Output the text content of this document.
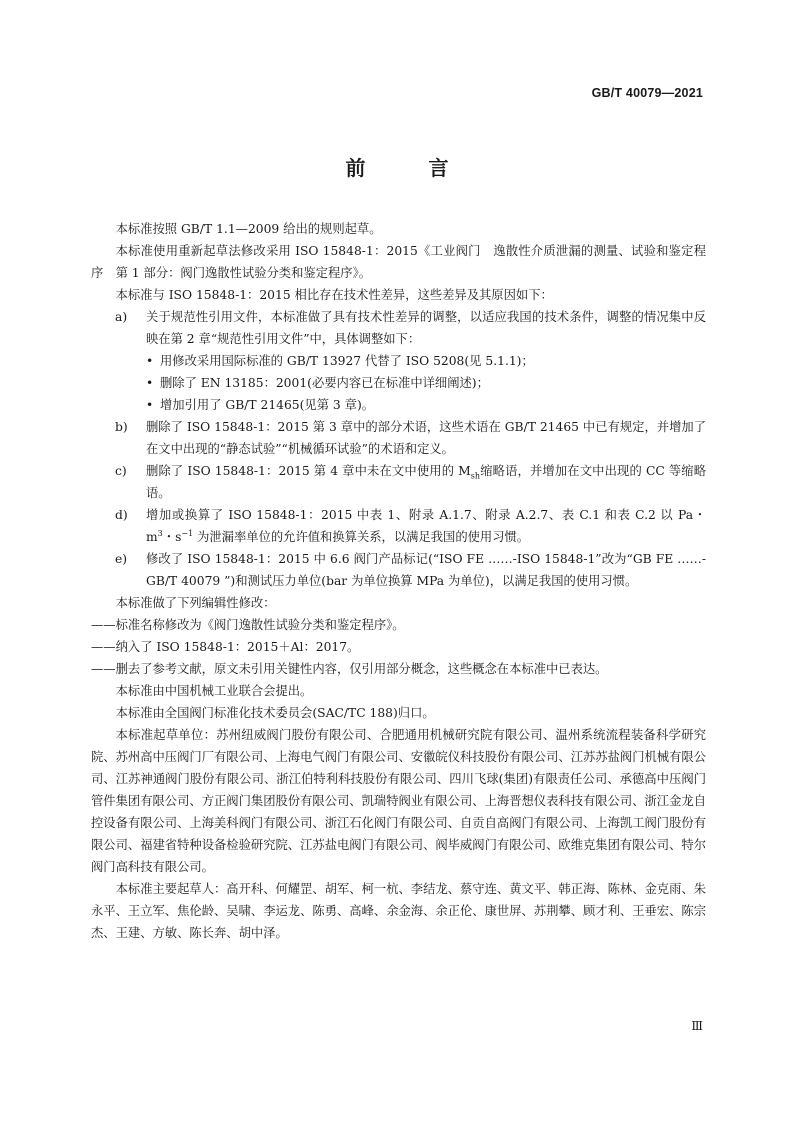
GB/T 40079—2021
前 言

本标准按照 GB/T 1.1—2009 给出的规则起草。

本标准使用重新起草法修改采用 ISO 15848-1：2015《工业阀门　逸散性介质泄漏的测量、试验和鉴定程序　第 1 部分：阀门逸散性试验分类和鉴定程序》。

本标准与 ISO 15848-1：2015 相比存在技术性差异，这些差异及其原因如下：

a)	关于规范性引用文件，本标准做了具有技术性差异的调整，以适应我国的技术条件，调整的情况集中反映在第 2 章“规范性引用文件”中，具体调整如下：
• 用修改采用国际标准的 GB/T 13927 代替了 ISO 5208(见 5.1.1)；
• 删除了 EN 13185：2001(必要内容已在标准中详细阐述)；
• 增加引用了 GB/T 21465(见第 3 章)。
b)	删除了 ISO 15848-1：2015 第 3 章中的部分术语，这些术语在 GB/T 21465 中已有规定，并增加了在文中出现的“静态试验”“机械循环试验”的术语和定义。
c)	删除了 ISO 15848-1：2015 第 4 章中未在文中使用的 $M_{sh}$缩略语，并增加在文中出现的 CC 等缩略语。
d)	增加或换算了 ISO 15848-1：2015 中表 1、附录 A.1.7、附录 A.2.7、表 C.1 和表 C.2 以 Pa・$m^3$・$s^{-1}$ 为泄漏率单位的允许值和换算关系，以满足我国的使用习惯。
e)	修改了 ISO 15848-1：2015 中 6.6 阀门产品标记(“ISO FE ……-ISO 15848-1”改为“GB FE ……-GB/T 40079 ”)和测试压力单位(bar 为单位换算 MPa 为单位)，以满足我国的使用习惯。

本标准做了下列编辑性修改：

——标准名称修改为《阀门逸散性试验分类和鉴定程序》。

——纳入了 ISO 15848-1：2015＋Al：2017。

——删去了参考文献，原文未引用关键性内容，仅引用部分概念，这些概念在本标准中已表达。

本标准由中国机械工业联合会提出。

本标准由全国阀门标准化技术委员会(SAC/TC 188)归口。

本标准起草单位：苏州纽威阀门股份有限公司、合肥通用机械研究院有限公司、温州系统流程装备科学研究院、苏州高中压阀门厂有限公司、上海电气阀门有限公司、安徽皖仪科技股份有限公司、江苏苏盐阀门机械有限公司、江苏神通阀门股份有限公司、浙江伯特利科技股份有限公司、四川飞球(集团)有限责任公司、承德高中压阀门管件集团有限公司、方正阀门集团股份有限公司、凯瑞特阀业有限公司、上海晋想仪表科技有限公司、浙江金龙自控设备有限公司、上海美科阀门有限公司、浙江石化阀门有限公司、自贡自高阀门有限公司、上海凯工阀门股份有限公司、福建省特种设备检验研究院、江苏盐电阀门有限公司、阀毕威阀门有限公司、欧维克集团有限公司、特尔阀门高科技有限公司。

本标准主要起草人：高开科、何耀罡、胡军、柯一杭、李结龙、蔡守连、黄文平、韩正海、陈林、金克雨、朱永平、王立军、焦伦龄、吴啸、李运龙、陈勇、高峰、余金海、余正伦、康世屏、苏荆攀、顾才利、王垂宏、陈宗杰、王建、方敏、陈长奔、胡中泽。

Ⅲ
